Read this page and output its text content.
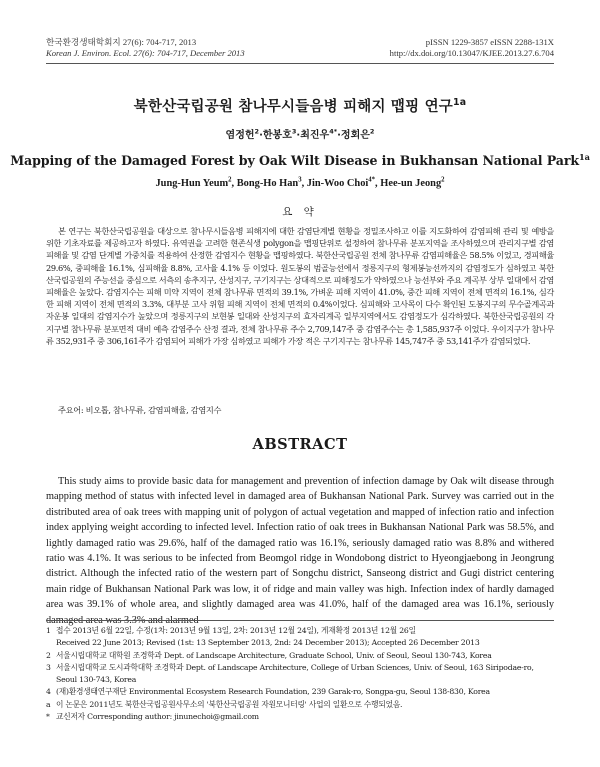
한국환경생태학회지 27(6): 704-717, 2013
Korean J. Environ. Ecol. 27(6): 704-717, December 2013
pISSN 1229-3857 eISSN 2288-131X
http://dx.doi.org/10.13047/KJEE.2013.27.6.704
북한산국립공원 참나무시들음병 피해지 맵핑 연구$^{1a}$
염정헌$^2$·한봉호$^3$·최진우$^{4*}$·정회은$^2$
Mapping of the Damaged Forest by Oak Wilt Disease in Bukhansan National Park$^{1a}$
Jung-Hun Yeum$^2$, Bong-Ho Han$^3$, Jin-Woo Choi$^{4*}$, Hee-un Jeong$^2$
요 약
본 연구는 북한산국립공원을 대상으로 참나무시들음병 피해지에 대한 감염단계별 현황을 정밀조사하고 이를 지도화하여 감염피해 관리 및 예방을 위한 기초자료를 제공하고자 하였다. 유역권을 고려한 현존식생 polygon을 맵핑단위로 설정하여 참나무류 분포지역을 조사하였으며 관리지구별 감염피해율 및 감염 단계별 가중치를 적용하여 산정한 감염지수 현황을 맵핑하였다. 북한산국립공원 전체 참나무류 감염피해율은 58.5% 이었고, 경피해율 29.6%, 중피해율 16.1%, 심피해율 8.8%, 고사율 4.1% 등 이었다. 원도봉의 범골능선에서 정릉지구의 형제봉능선까지의 감염정도가 심하였고 북한산국립공원의 주능선을 중심으로 서측의 송추지구, 산성지구, 구기지구는 상대적으로 피해정도가 약하였으나 능선부와 주요 계곡부 상부 일대에서 감염피해율은 높았다. 감염지수는 피해 미약 지역이 전체 참나무류 면적의 39.1%, 가벼운 피해 지역이 41.0%, 중간 피해 지역이 전체 면적의 16.1%, 심각한 피해 지역이 전체 면적의 3.3%, 대부분 고사 위험 피해 지역이 전체 면적의 0.4%이었다. 심피해와 고사목이 다수 확인된 도봉지구의 무수골계곡과 자운봉 일대의 감염지수가 높았으며 정릉지구의 보현봉 일대와 산성지구의 효자리계곡 일부지역에서도 감염정도가 심각하였다. 북한산국립공원의 각 지구별 참나무류 분포면적 대비 예측 감염주수 산정 결과, 전체 참나무류 주수 2,709,147주 중 감염주수는 총 1,585,937주 이었다. 우이지구가 참나무류 352,931주 중 306,161주가 감염되어 피해가 가장 심하였고 피해가 가장 적은 구기지구는 참나무류 145,747주 중 53,141주가 감염되었다.
주요어: 비오톱, 참나무류, 감염피해율, 감염지수
ABSTRACT
This study aims to provide basic data for management and prevention of infection damage by Oak wilt disease through mapping method of status with infected level in damaged area of Bukhansan National Park. Survey was carried out in the distributed area of oak trees with mapping unit of polygon of actual vegetation and mapped of infection ratio and infection index applying weight according to infected level. Infection ratio of oak trees in Bukhansan National Park was 58.5%, and lightly damaged ratio was 29.6%, half of the damaged ratio was 16.1%, seriously damaged ratio was 8.8% and withered ratio was 4.1%. It was serious to be infected from Beomgol ridge in Wondobong district to Hyeongjaebong in Jeongrung district. Although the infected ratio of the western part of Songchu district, Sanseong district and Gugi district centering main ridge of Bukhansan National Park was low, it of ridge and main valley was high. Infection index of hardly damaged area was 39.1% of whole area, and slightly damaged area was 41.0%, half of the damaged area was 16.1%, seriously damaged area was 3.3% and alarmed
1 접수 2013년 6월 22일, 수정(1차: 2013년 9월 13일, 2차: 2013년 12월 24일), 게재확정 2013년 12월 26일
Received 22 June 2013; Revised (1st: 13 September 2013, 2nd: 24 December 2013); Accepted 26 December 2013
2 서울시립대학교 대학원 조경학과 Dept. of Landscape Architecture, Graduate School, Univ. of Seoul, Seoul 130-743, Korea
3 서울시립대학교 도시과학대학 조경학과 Dept. of Landscape Architecture, College of Urban Sciences, Univ. of Seoul, 163 Siripodae-ro, Seoul 130-743, Korea
4 (재)환경생태연구재단 Environmental Ecosystem Research Foundation, 239 Garak-ro, Songpa-gu, Seoul 138-830, Korea
a 이 논문은 2011년도 북한산국립공원사무소의 '북한산국립공원 자원모니터링' 사업의 일환으로 수행되었음.
* 교신저자 Corresponding author: jinunechoi@gmail.com
